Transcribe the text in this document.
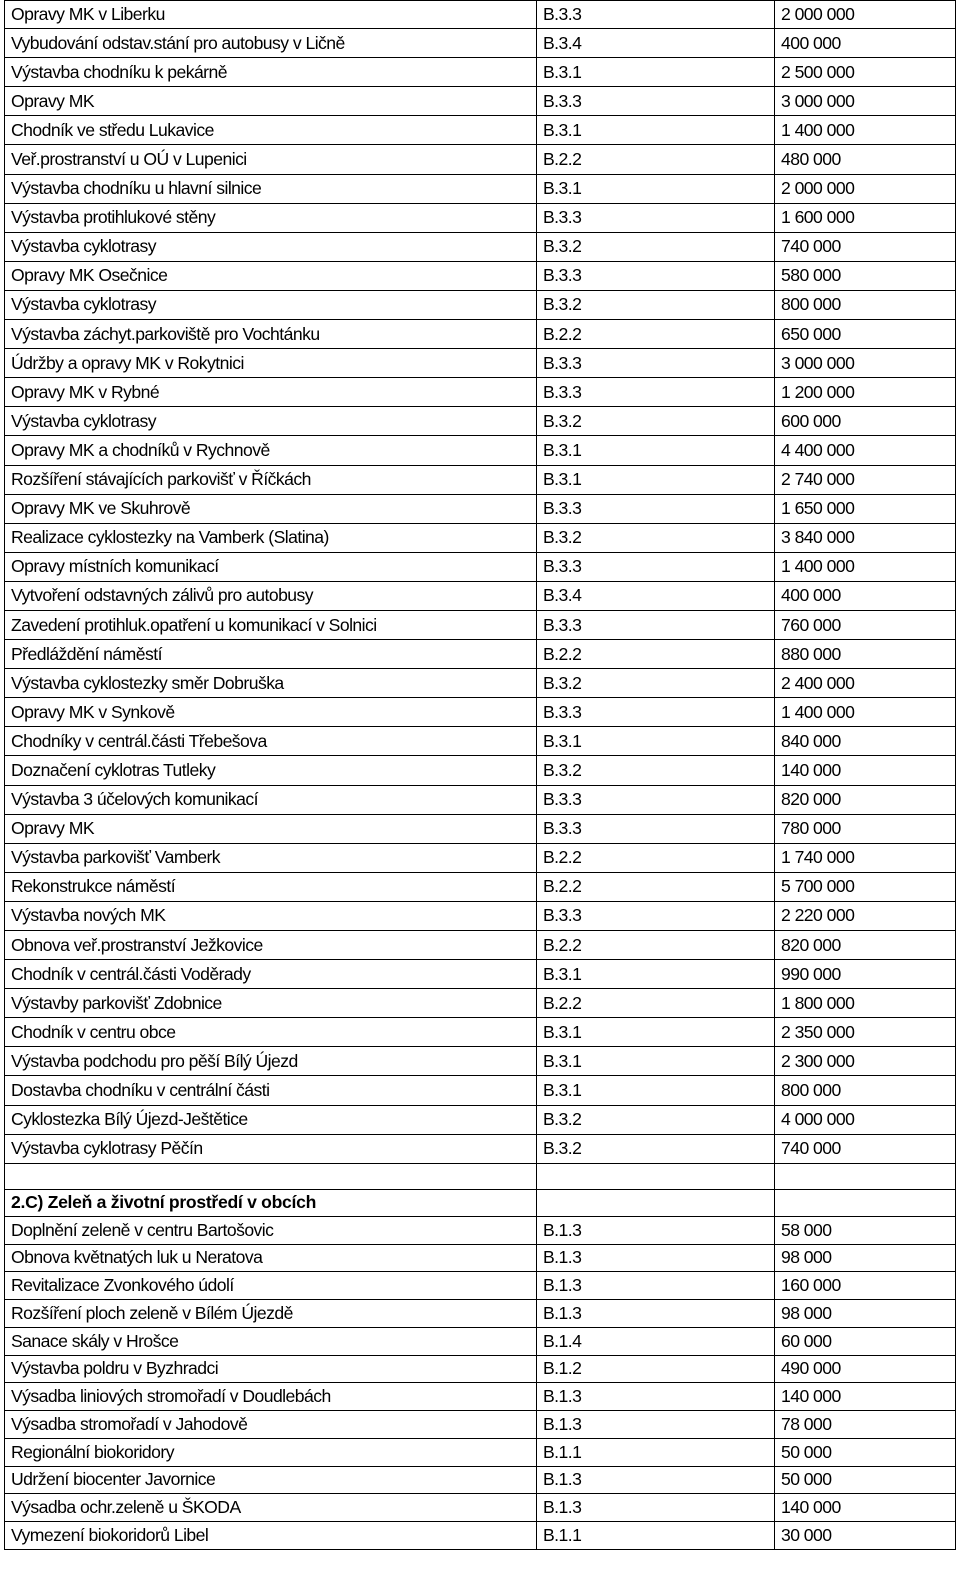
Opravy MK v Liberku	B.3.3	2 000 000
Vybudování odstav.stání pro autobusy v Ličně	B.3.4	400 000
Výstavba chodníku k pekárně	B.3.1	2 500 000
Opravy MK	B.3.3	3 000 000
Chodník ve středu Lukavice	B.3.1	1 400 000
Veř.prostranství u OÚ v Lupenici	B.2.2	480 000
Výstavba chodníku u hlavní silnice	B.3.1	2 000 000
Výstavba protihlukové stěny	B.3.3	1 600 000
Výstavba cyklotrasy	B.3.2	740 000
Opravy MK Osečnice	B.3.3	580 000
Výstavba cyklotrasy	B.3.2	800 000
Výstavba záchyt.parkoviště pro Vochtánku	B.2.2	650 000
Údržby a opravy MK v Rokytnici	B.3.3	3 000 000
Opravy MK v Rybné	B.3.3	1 200 000
Výstavba cyklotrasy	B.3.2	600 000
Opravy MK a chodníků v Rychnově	B.3.1	4 400 000
Rozšíření stávajících parkovišť v Říčkách	B.3.1	2 740 000
Opravy MK ve Skuhrově	B.3.3	1 650 000
Realizace cyklostezky na Vamberk (Slatina)	B.3.2	3 840 000
Opravy místních komunikací	B.3.3	1 400 000
Vytvoření odstavných zálivů pro autobusy	B.3.4	400 000
Zavedení protihluk.opatření u komunikací v Solnici	B.3.3	760 000
Předláždění náměstí	B.2.2	880 000
Výstavba cyklostezky směr Dobruška	B.3.2	2 400 000
Opravy MK v Synkově	B.3.3	1 400 000
Chodníky v centrál.části Třebešova	B.3.1	840 000
Doznačení cyklotras Tutleky	B.3.2	140 000
Výstavba 3 účelových komunikací	B.3.3	820 000
Opravy MK	B.3.3	780 000
Výstavba parkovišť Vamberk	B.2.2	1 740 000
Rekonstrukce náměstí	B.2.2	5 700 000
Výstavba nových MK	B.3.3	2 220 000
Obnova veř.prostranství Ježkovice	B.2.2	820 000
Chodník v centrál.části Voděrady	B.3.1	990 000
Výstavby parkovišť Zdobnice	B.2.2	1 800 000
Chodník v centru obce	B.3.1	2 350 000
Výstavba podchodu pro pěší Bílý Újezd	B.3.1	2 300 000
Dostavba chodníku v centrální části	B.3.1	800 000
Cyklostezka Bílý Újezd-Ještětice	B.3.2	4 000 000
Výstavba cyklotrasy Pěčín	B.3.2	740 000
2.C) Zeleň a životní prostředí v obcích
Doplnění zeleně v centru Bartošovic	B.1.3	58 000
Obnova květnatých luk u Neratova	B.1.3	98 000
Revitalizace Zvonkového údolí	B.1.3	160 000
Rozšíření ploch zeleně v Bílém Újezdě	B.1.3	98 000
Sanace skály v Hrošce	B.1.4	60 000
Výstavba poldru v Byzhradci	B.1.2	490 000
Výsadba liniových stromořadí v Doudlebách	B.1.3	140 000
Výsadba stromořadí v Jahodově	B.1.3	78 000
Regionální biokoridory	B.1.1	50 000
Udržení biocenter Javornice	B.1.3	50 000
Výsadba ochr.zeleně u ŠKODA	B.1.3	140 000
Vymezení biokoridorů Libel	B.1.1	30 000
